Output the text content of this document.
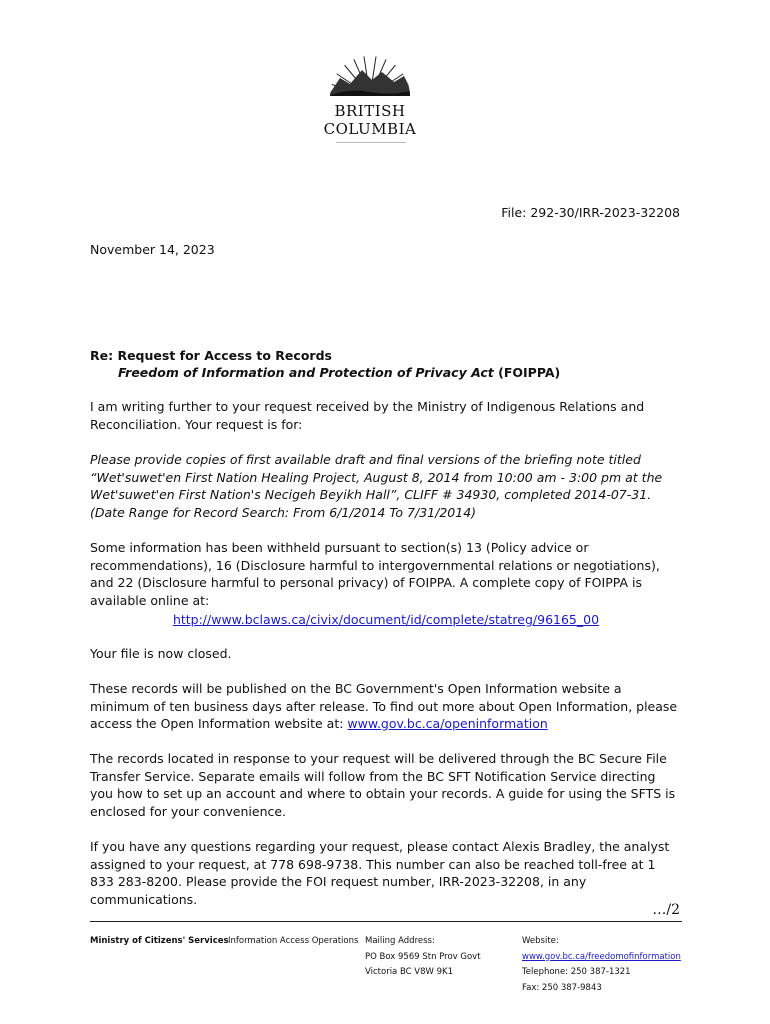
BRITISH
COLUMBIA
File: 292-30/IRR-2023-32208
November 14, 2023
Re: Request for Access to Records
Freedom of Information and Protection of Privacy Act (FOIPPA)
I am writing further to your request received by the Ministry of Indigenous Relations and Reconciliation. Your request is for:
Please provide copies of first available draft and final versions of the briefing note titled “Wet'suwet'en First Nation Healing Project, August 8, 2014 from 10:00 am - 3:00 pm at the Wet'suwet'en First Nation's Necigeh Beyikh Hall”, CLIFF # 34930, completed 2014-07-31. (Date Range for Record Search: From 6/1/2014 To 7/31/2014)
Some information has been withheld pursuant to section(s) 13 (Policy advice or recommendations), 16 (Disclosure harmful to intergovernmental relations or negotiations), and 22 (Disclosure harmful to personal privacy) of FOIPPA. A complete copy of FOIPPA is available online at:
http://www.bclaws.ca/civix/document/id/complete/statreg/96165_00
Your file is now closed.
These records will be published on the BC Government's Open Information website a minimum of ten business days after release. To find out more about Open Information, please access the Open Information website at: www.gov.bc.ca/openinformation
The records located in response to your request will be delivered through the BC Secure File Transfer Service. Separate emails will follow from the BC SFT Notification Service directing you how to set up an account and where to obtain your records. A guide for using the SFTS is enclosed for your convenience.
If you have any questions regarding your request, please contact Alexis Bradley, the analyst assigned to your request, at 778 698-9738. This number can also be reached toll-free at 1 833 283-8200. Please provide the FOI request number, IRR-2023-32208, in any communications.
…/2
Ministry of Citizens' Services Information Access Operations Mailing Address:
PO Box 9569 Stn Prov Govt
Victoria BC V8W 9K1
Website:
www.gov.bc.ca/freedomofinformation
Telephone: 250 387-1321
Fax: 250 387-9843
